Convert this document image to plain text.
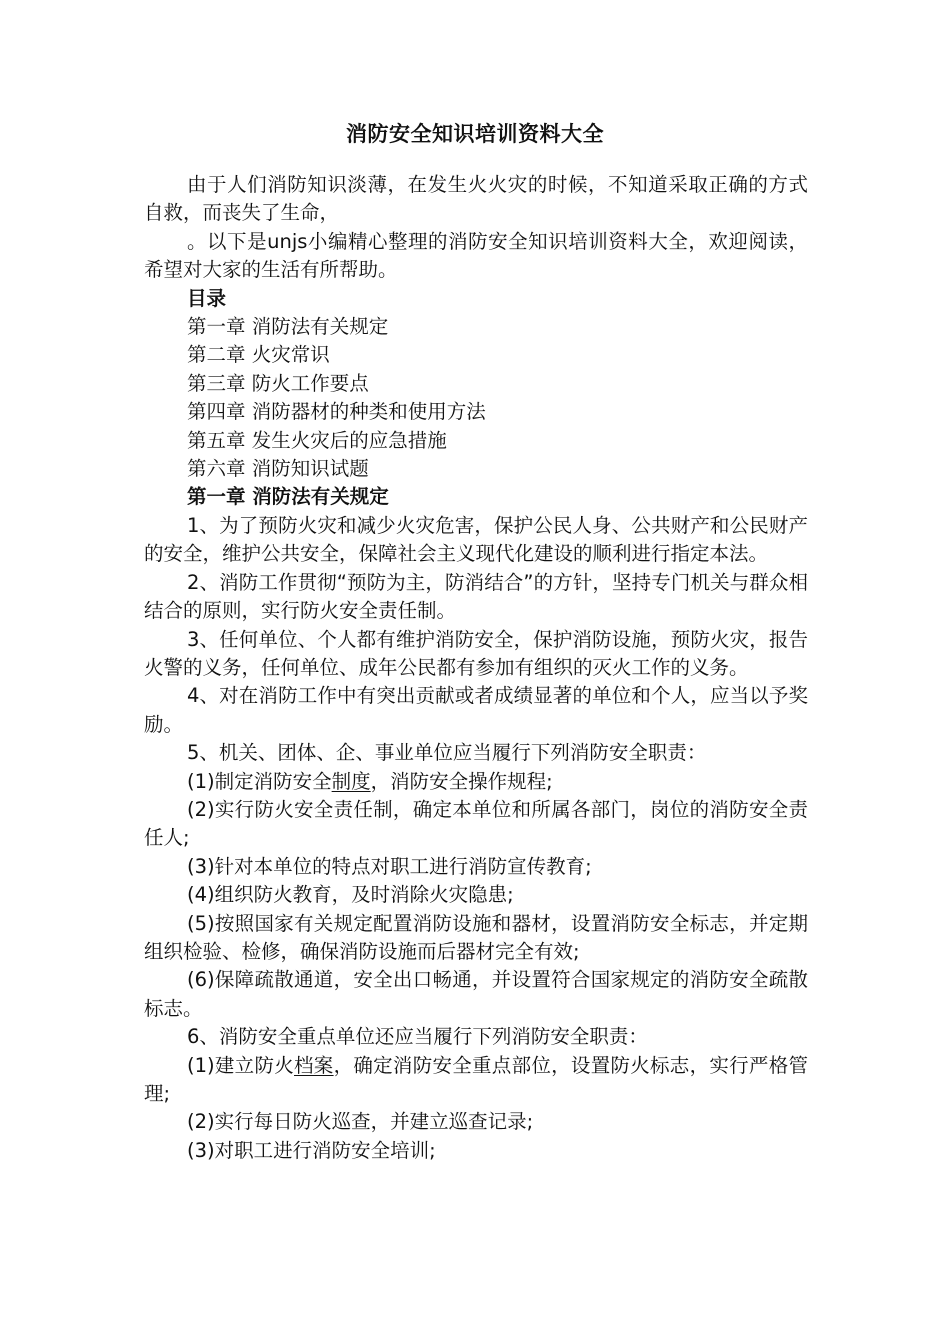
消防安全知识培训资料大全

由于人们消防知识淡薄，在发生火火灾的时候，不知道采取正确的方式自救，而丧失了生命，

。以下是unjs小编精心整理的消防安全知识培训资料大全，欢迎阅读，希望对大家的生活有所帮助。

目录

第一章 消防法有关规定

第二章 火灾常识

第三章 防火工作要点

第四章 消防器材的种类和使用方法

第五章 发生火灾后的应急措施

第六章 消防知识试题

第一章 消防法有关规定

1、为了预防火灾和减少火灾危害，保护公民人身、公共财产和公民财产的安全，维护公共安全，保障社会主义现代化建设的顺利进行指定本法。

2、消防工作贯彻“预防为主，防消结合”的方针，坚持专门机关与群众相结合的原则，实行防火安全责任制。

3、任何单位、个人都有维护消防安全，保护消防设施，预防火灾，报告火警的义务，任何单位、成年公民都有参加有组织的灭火工作的义务。

4、对在消防工作中有突出贡献或者成绩显著的单位和个人，应当以予奖励。

5、机关、团体、企、事业单位应当履行下列消防安全职责：

(1)制定消防安全制度，消防安全操作规程;

(2)实行防火安全责任制，确定本单位和所属各部门，岗位的消防安全责任人;

(3)针对本单位的特点对职工进行消防宣传教育;

(4)组织防火教育，及时消除火灾隐患;

(5)按照国家有关规定配置消防设施和器材，设置消防安全标志，并定期组织检验、检修，确保消防设施而后器材完全有效;

(6)保障疏散通道，安全出口畅通，并设置符合国家规定的消防安全疏散标志。

6、消防安全重点单位还应当履行下列消防安全职责：

(1)建立防火档案，确定消防安全重点部位，设置防火标志，实行严格管理;

(2)实行每日防火巡查，并建立巡查记录;

(3)对职工进行消防安全培训;
